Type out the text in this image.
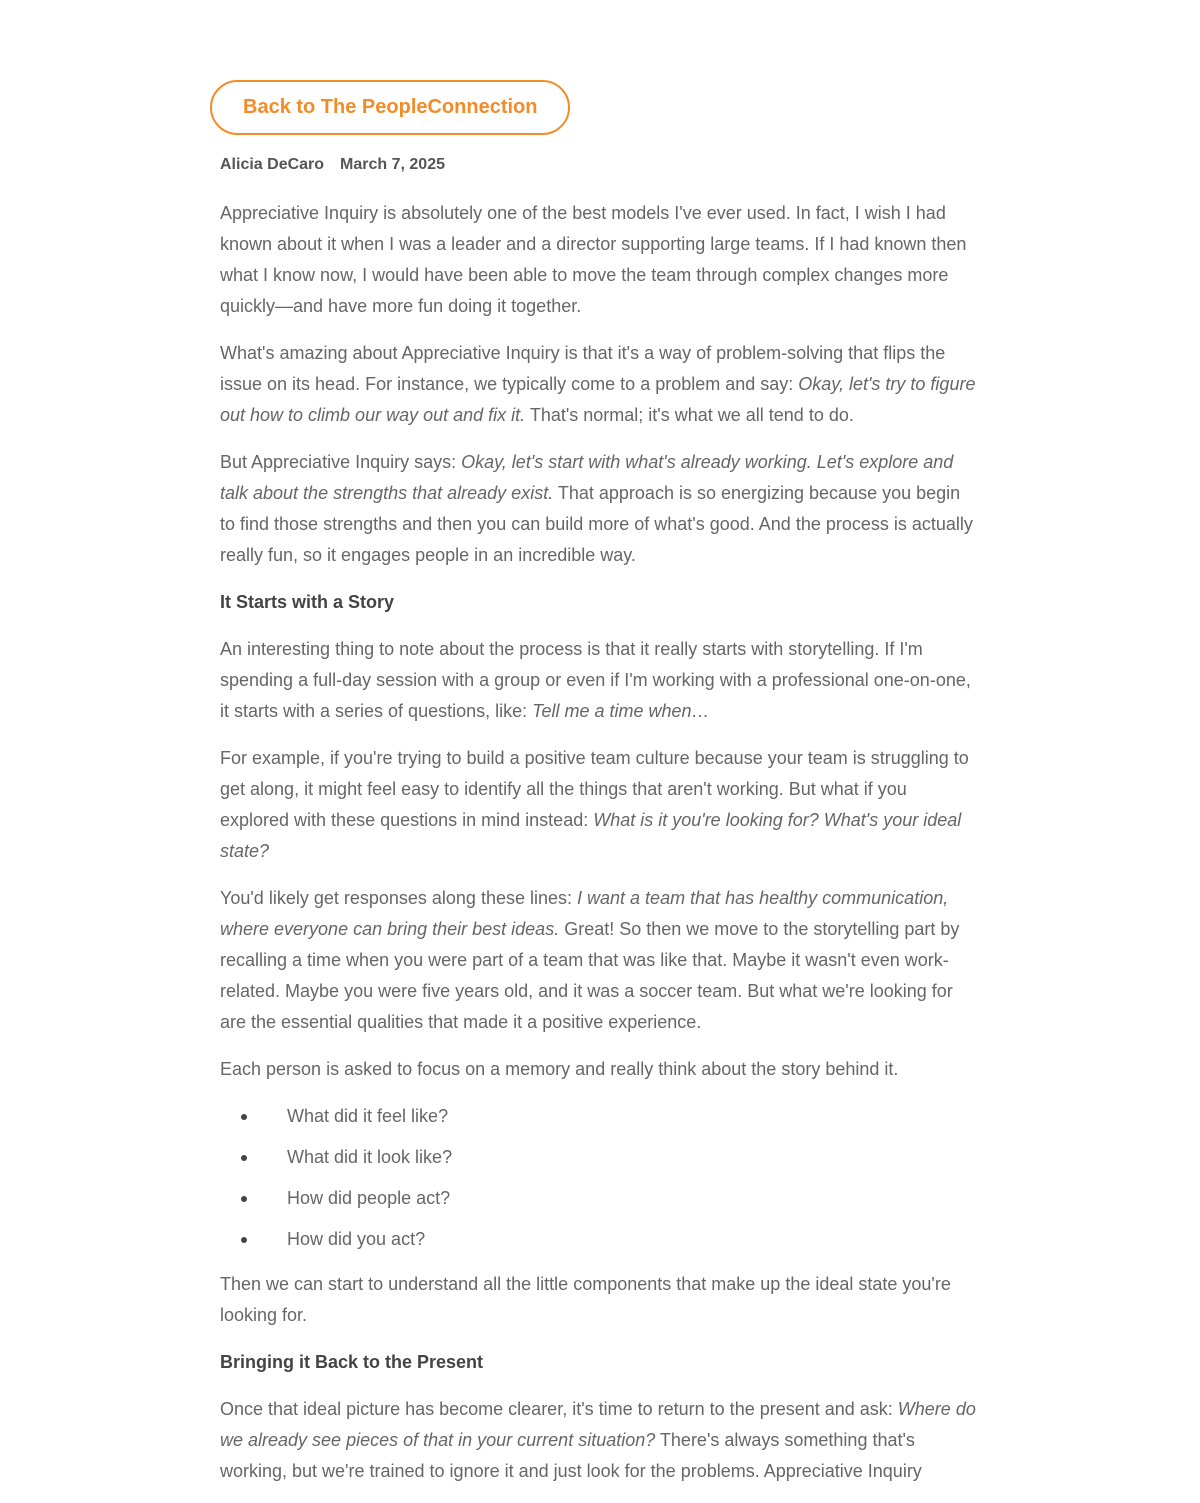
Back to The PeopleConnection
Alicia DeCaro March 7, 2025

Appreciative Inquiry is absolutely one of the best models I've ever used. In fact, I wish I had known about it when I was a leader and a director supporting large teams. If I had known then what I know now, I would have been able to move the team through complex changes more quickly—and have more fun doing it together.

What's amazing about Appreciative Inquiry is that it's a way of problem-solving that flips the issue on its head. For instance, we typically come to a problem and say: Okay, let's try to figure out how to climb our way out and fix it. That's normal; it's what we all tend to do.

But Appreciative Inquiry says: Okay, let's start with what's already working. Let's explore and talk about the strengths that already exist. That approach is so energizing because you begin to find those strengths and then you can build more of what's good. And the process is actually really fun, so it engages people in an incredible way.

It Starts with a Story

An interesting thing to note about the process is that it really starts with storytelling. If I'm spending a full-day session with a group or even if I'm working with a professional one-on-one, it starts with a series of questions, like: Tell me a time when…

For example, if you're trying to build a positive team culture because your team is struggling to get along, it might feel easy to identify all the things that aren't working. But what if you explored with these questions in mind instead: What is it you're looking for? What's your ideal state?

You'd likely get responses along these lines: I want a team that has healthy communication, where everyone can bring their best ideas. Great! So then we move to the storytelling part by recalling a time when you were part of a team that was like that. Maybe it wasn't even work-related. Maybe you were five years old, and it was a soccer team. But what we're looking for are the essential qualities that made it a positive experience.

Each person is asked to focus on a memory and really think about the story behind it.

What did it feel like?
What did it look like?
How did people act?
How did you act?

Then we can start to understand all the little components that make up the ideal state you're looking for.

Bringing it Back to the Present

Once that ideal picture has become clearer, it's time to return to the present and ask: Where do we already see pieces of that in your current situation? There's always something that's working, but we're trained to ignore it and just look for the problems. Appreciative Inquiry
